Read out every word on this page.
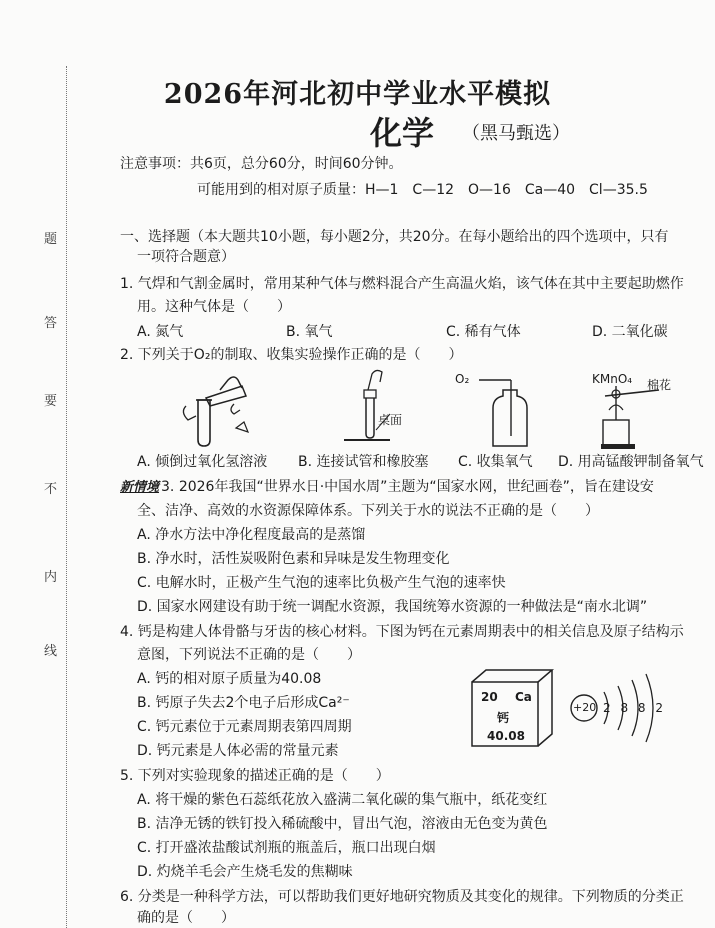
题
答
要
不
内
线
2026年河北初中学业水平模拟
化学 （黑马甄选）
注意事项：共6页，总分60分，时间60分钟。
可能用到的相对原子质量：H—1　C—12　O—16　Ca—40　Cl—35.5
一、选择题（本大题共10小题，每小题2分，共20分。在每小题给出的四个选项中，只有
一项符合题意）
1. 气焊和气割金属时，常用某种气体与燃料混合产生高温火焰，该气体在其中主要起助燃作
用。这种气体是（　　）
A. 氮气	B. 氧气	C. 稀有气体	D. 二氧化碳
2. 下列关于O₂的制取、收集实验操作正确的是（　　）
桌面
O₂	KMnO₄ 棉花
A. 倾倒过氧化氢溶液 B. 连接试管和橡胶塞 C. 收集氧气 D. 用高锰酸钾制备氧气
新情境 3. 2026年我国“世界水日·中国水周”主题为“国家水网，世纪画卷”，旨在建设安
全、洁净、高效的水资源保障体系。下列关于水的说法不正确的是（　　）
A. 净水方法中净化程度最高的是蒸馏
B. 净水时，活性炭吸附色素和异味是发生物理变化
C. 电解水时，正极产生气泡的速率比负极产生气泡的速率快
D. 国家水网建设有助于统一调配水资源，我国统筹水资源的一种做法是“南水北调”
4. 钙是构建人体骨骼与牙齿的核心材料。下图为钙在元素周期表中的相关信息及原子结构示
意图，下列说法不正确的是（　　）
A. 钙的相对原子质量为40.08
B. 钙原子失去2个电子后形成Ca²⁻
C. 钙元素位于元素周期表第四周期
D. 钙元素是人体必需的常量元素
20 Ca
钙
40.08
+20 2 8 8 2
5. 下列对实验现象的描述正确的是（　　）
A. 将干燥的紫色石蕊纸花放入盛满二氧化碳的集气瓶中，纸花变红
B. 洁净无锈的铁钉投入稀硫酸中，冒出气泡，溶液由无色变为黄色
C. 打开盛浓盐酸试剂瓶的瓶盖后，瓶口出现白烟
D. 灼烧羊毛会产生烧毛发的焦糊味
6. 分类是一种科学方法，可以帮助我们更好地研究物质及其变化的规律。下列物质的分类正
确的是（　　）
